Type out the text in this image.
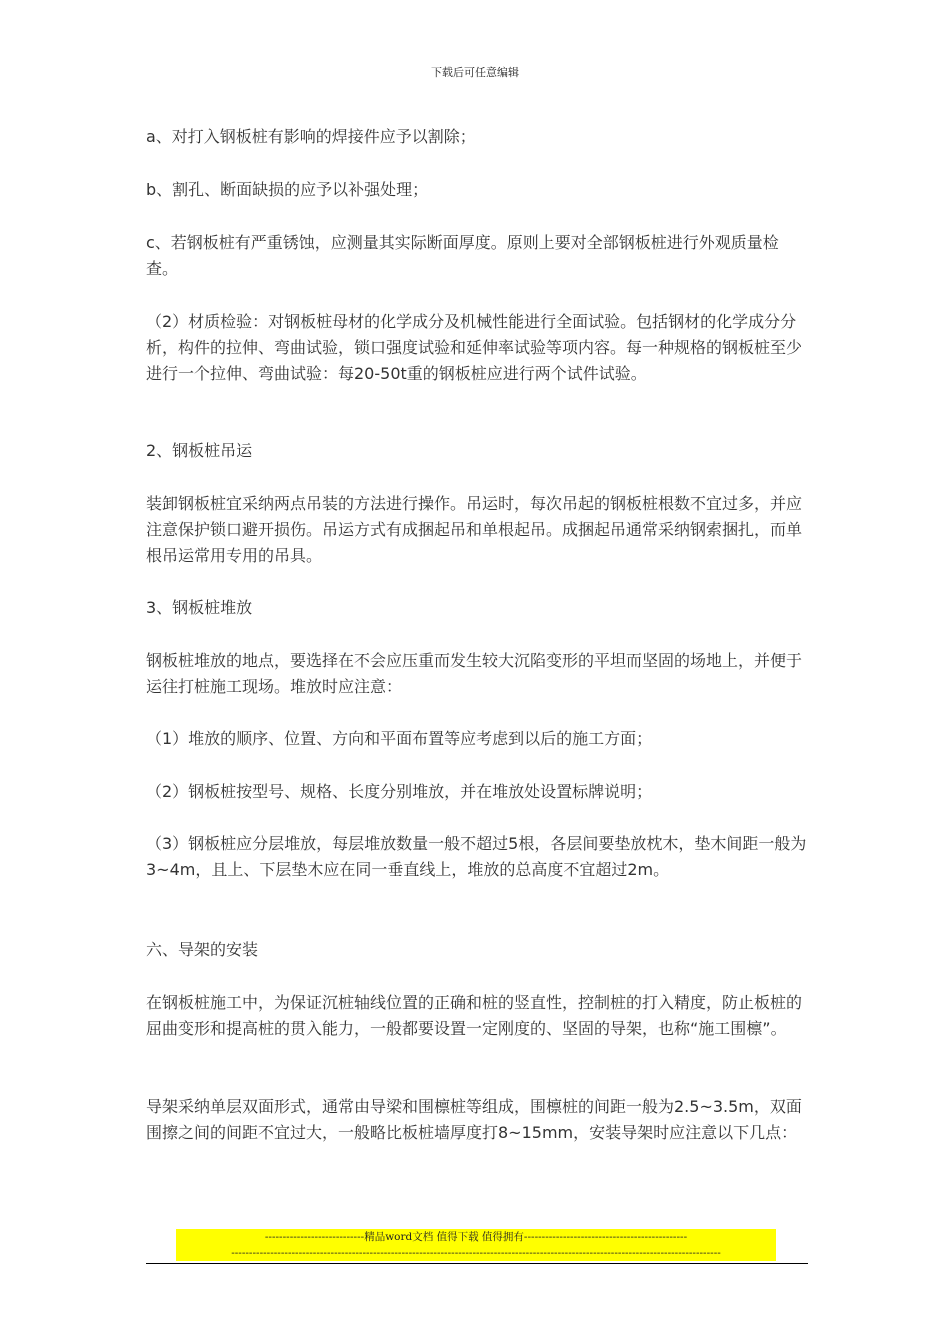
下载后可任意编辑

a、对打入钢板桩有影响的焊接件应予以割除；

b、割孔、断面缺损的应予以补强处理；

c、若钢板桩有严重锈蚀，应测量其实际断面厚度。原则上要对全部钢板桩进行外观质量检查。

（2）材质检验：对钢板桩母材的化学成分及机械性能进行全面试验。包括钢材的化学成分分析，构件的拉伸、弯曲试验，锁口强度试验和延伸率试验等项内容。每一种规格的钢板桩至少进行一个拉伸、弯曲试验：每20-50t重的钢板桩应进行两个试件试验。

2、钢板桩吊运

装卸钢板桩宜采纳两点吊装的方法进行操作。吊运时，每次吊起的钢板桩根数不宜过多，并应注意保护锁口避开损伤。吊运方式有成捆起吊和单根起吊。成捆起吊通常采纳钢索捆扎，而单根吊运常用专用的吊具。

3、钢板桩堆放

钢板桩堆放的地点，要选择在不会应压重而发生较大沉陷变形的平坦而坚固的场地上，并便于运往打桩施工现场。堆放时应注意：

（1）堆放的顺序、位置、方向和平面布置等应考虑到以后的施工方面；

（2）钢板桩按型号、规格、长度分别堆放，并在堆放处设置标牌说明；

（3）钢板桩应分层堆放，每层堆放数量一般不超过5根，各层间要垫放枕木，垫木间距一般为3~4m，且上、下层垫木应在同一垂直线上，堆放的总高度不宜超过2m。

六、导架的安装

在钢板桩施工中，为保证沉桩轴线位置的正确和桩的竖直性，控制桩的打入精度，防止板桩的屈曲变形和提高桩的贯入能力，一般都要设置一定刚度的、坚固的导架，也称“施工围檩”。

导架采纳单层双面形式，通常由导梁和围檩桩等组成，围檩桩的间距一般为2.5~3.5m，双面围擦之间的间距不宜过大，一般略比板桩墙厚度打8~15mm，安装导架时应注意以下几点：

----------------------------精品word文档 值得下载 值得拥有----------------------------------------------
------------------------------------------------------------------------------------------------------------------------------------------
